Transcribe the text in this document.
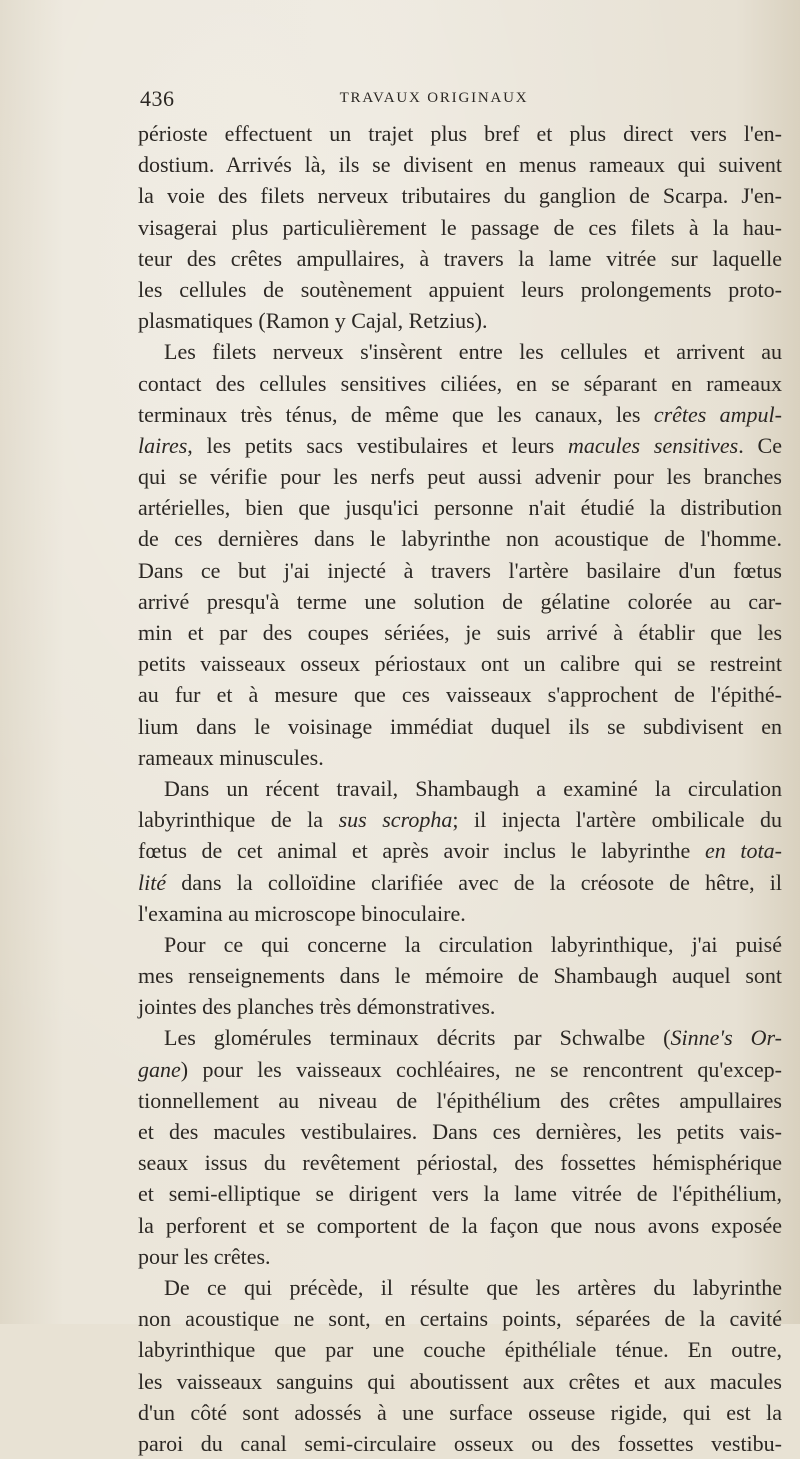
436	TRAVAUX ORIGINAUX
périoste effectuent un trajet plus bref et plus direct vers l'en-
dostium. Arrivés là, ils se divisent en menus rameaux qui suivent
la voie des filets nerveux tributaires du ganglion de Scarpa. J'en-
visagerai plus particulièrement le passage de ces filets à la hau-
teur des crêtes ampullaires, à travers la lame vitrée sur laquelle
les cellules de soutènement appuient leurs prolongements proto-
plasmatiques (Ramon y Cajal, Retzius).
Les filets nerveux s'insèrent entre les cellules et arrivent au
contact des cellules sensitives ciliées, en se séparant en rameaux
terminaux très ténus, de même que les canaux, les crêtes ampul-
laires, les petits sacs vestibulaires et leurs macules sensitives. Ce
qui se vérifie pour les nerfs peut aussi advenir pour les branches
artérielles, bien que jusqu'ici personne n'ait étudié la distribution
de ces dernières dans le labyrinthe non acoustique de l'homme.
Dans ce but j'ai injecté à travers l'artère basilaire d'un fœtus
arrivé presqu'à terme une solution de gélatine colorée au car-
min et par des coupes sériées, je suis arrivé à établir que les
petits vaisseaux osseux périostaux ont un calibre qui se restreint
au fur et à mesure que ces vaisseaux s'approchent de l'épithé-
lium dans le voisinage immédiat duquel ils se subdivisent en
rameaux minuscules.
Dans un récent travail, Shambaugh a examiné la circulation
labyrinthique de la sus scropha; il injecta l'artère ombilicale du
fœtus de cet animal et après avoir inclus le labyrinthe en tota-
lité dans la colloïdine clarifiée avec de la créosote de hêtre, il
l'examina au microscope binoculaire.
Pour ce qui concerne la circulation labyrinthique, j'ai puisé
mes renseignements dans le mémoire de Shambaugh auquel sont
jointes des planches très démonstratives.
Les glomérules terminaux décrits par Schwalbe (Sinne's Or-
gane) pour les vaisseaux cochléaires, ne se rencontrent qu'excep-
tionnellement au niveau de l'épithélium des crêtes ampullaires
et des macules vestibulaires. Dans ces dernières, les petits vais-
seaux issus du revêtement périostal, des fossettes hémisphérique
et semi-elliptique se dirigent vers la lame vitrée de l'épithélium,
la perforent et se comportent de la façon que nous avons exposée
pour les crêtes.
De ce qui précède, il résulte que les artères du labyrinthe
non acoustique ne sont, en certains points, séparées de la cavité
labyrinthique que par une couche épithéliale ténue. En outre,
les vaisseaux sanguins qui aboutissent aux crêtes et aux macules
d'un côté sont adossés à une surface osseuse rigide, qui est la
paroi du canal semi-circulaire osseux ou des fossettes vestibu-
